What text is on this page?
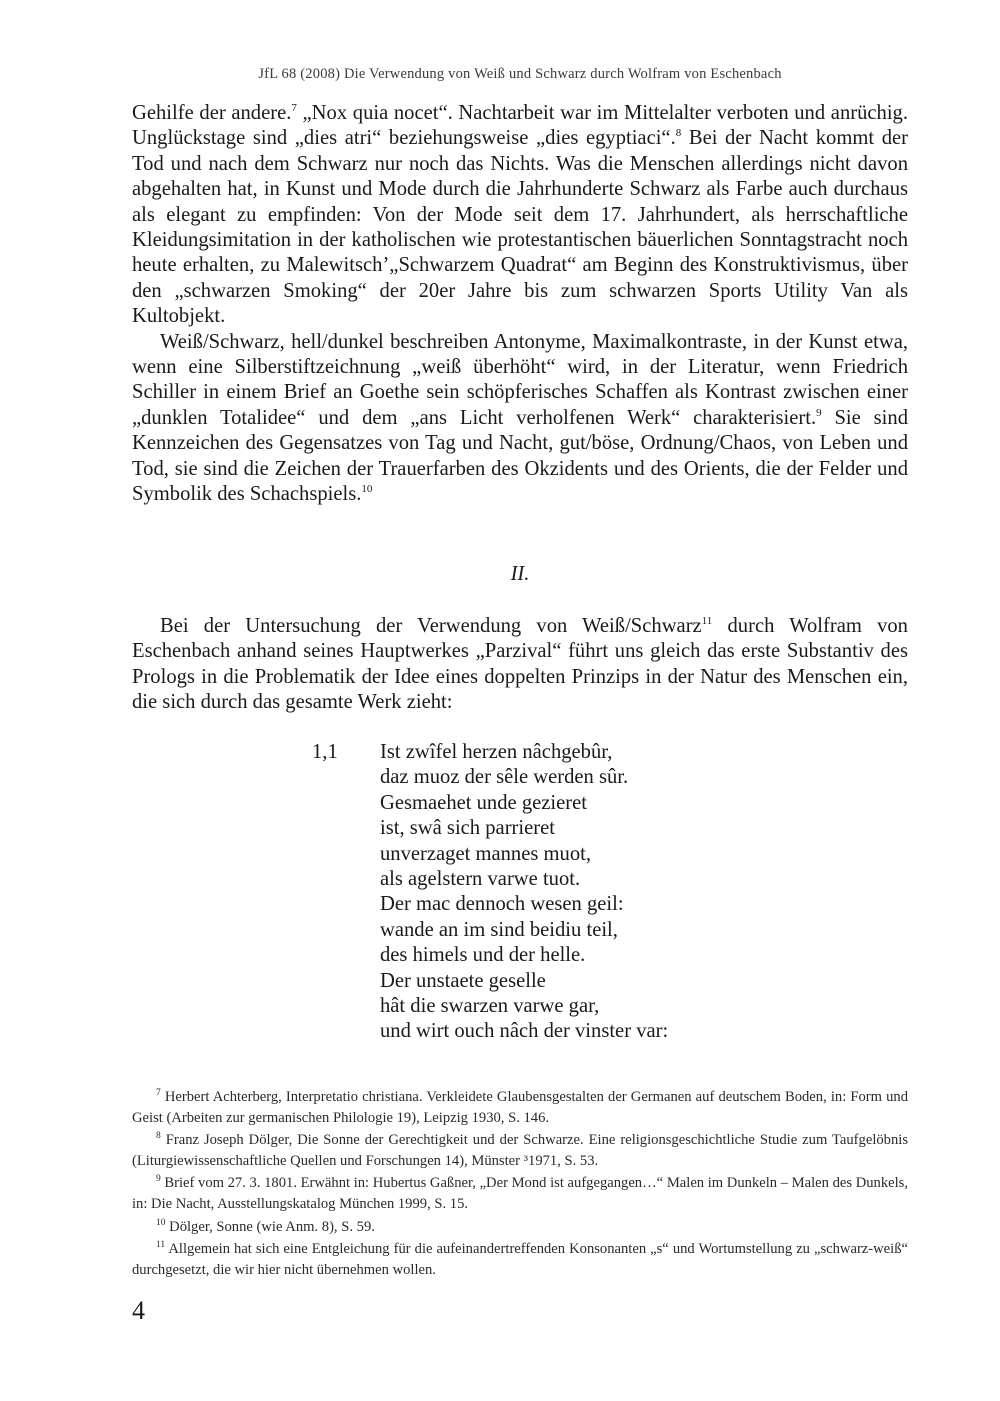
JfL 68 (2008) Die Verwendung von Weiß und Schwarz durch Wolfram von Eschenbach

Gehilfe der andere.$^7$ „Nox quia nocet“. Nachtarbeit war im Mittelalter verboten und anrüchig. Unglückstage sind „dies atri“ beziehungsweise „dies egyptiaci“.$^8$ Bei der Nacht kommt der Tod und nach dem Schwarz nur noch das Nichts. Was die Menschen allerdings nicht davon abgehalten hat, in Kunst und Mode durch die Jahrhunderte Schwarz als Farbe auch durchaus als elegant zu empfinden: Von der Mode seit dem 17. Jahrhundert, als herrschaftliche Kleidungsimitation in der katholischen wie protestantischen bäuerlichen Sonntagstracht noch heute erhalten, zu Malewitsch’„Schwarzem Quadrat“ am Beginn des Konstruktivismus, über den „schwarzen Smoking“ der 20er Jahre bis zum schwarzen Sports Utility Van als Kultobjekt.

Weiß/Schwarz, hell/dunkel beschreiben Antonyme, Maximalkontraste, in der Kunst etwa, wenn eine Silberstiftzeichnung „weiß überhöht“ wird, in der Literatur, wenn Friedrich Schiller in einem Brief an Goethe sein schöpferisches Schaffen als Kontrast zwischen einer „dunklen Totalidee“ und dem „ans Licht verholfenen Werk“ charakterisiert.$^9$ Sie sind Kennzeichen des Gegensatzes von Tag und Nacht, gut/böse, Ordnung/Chaos, von Leben und Tod, sie sind die Zeichen der Trauerfarben des Okzidents und des Orients, die der Felder und Symbolik des Schachspiels.$^{10}$

II.

Bei der Untersuchung der Verwendung von Weiß/Schwarz$^{11}$ durch Wolfram von Eschenbach anhand seines Hauptwerkes „Parzival“ führt uns gleich das erste Substantiv des Prologs in die Problematik der Idee eines doppelten Prinzips in der Natur des Menschen ein, die sich durch das gesamte Werk zieht:

1,1 Ist zwîfel herzen nâchgebûr,
daz muoz der sêle werden sûr.
Gesmaehet unde gezieret
ist, swâ sich parrieret
unverzaget mannes muot,
als agelstern varwe tuot.
Der mac dennoch wesen geil:
wande an im sind beidiu teil,
des himels und der helle.
Der unstaete geselle
hât die swarzen varwe gar,
und wirt ouch nâch der vinster var:

$^7$ Herbert Achterberg, Interpretatio christiana. Verkleidete Glaubensgestalten der Germanen auf deutschem Boden, in: Form und Geist (Arbeiten zur germanischen Philologie 19), Leipzig 1930, S. 146.

$^8$ Franz Joseph Dölger, Die Sonne der Gerechtigkeit und der Schwarze. Eine religionsgeschichtliche Studie zum Taufgelöbnis (Liturgiewissenschaftliche Quellen und Forschungen 14), Münster ³1971, S. 53.

$^9$ Brief vom 27. 3. 1801. Erwähnt in: Hubertus Gaßner, „Der Mond ist aufgegangen…“ Malen im Dunkeln – Malen des Dunkels, in: Die Nacht, Ausstellungskatalog München 1999, S. 15.

$^{10}$ Dölger, Sonne (wie Anm. 8), S. 59.

$^{11}$ Allgemein hat sich eine Entgleichung für die aufeinandertreffenden Konsonanten „s“ und Wortumstellung zu „schwarz-weiß“ durchgesetzt, die wir hier nicht übernehmen wollen.

4
